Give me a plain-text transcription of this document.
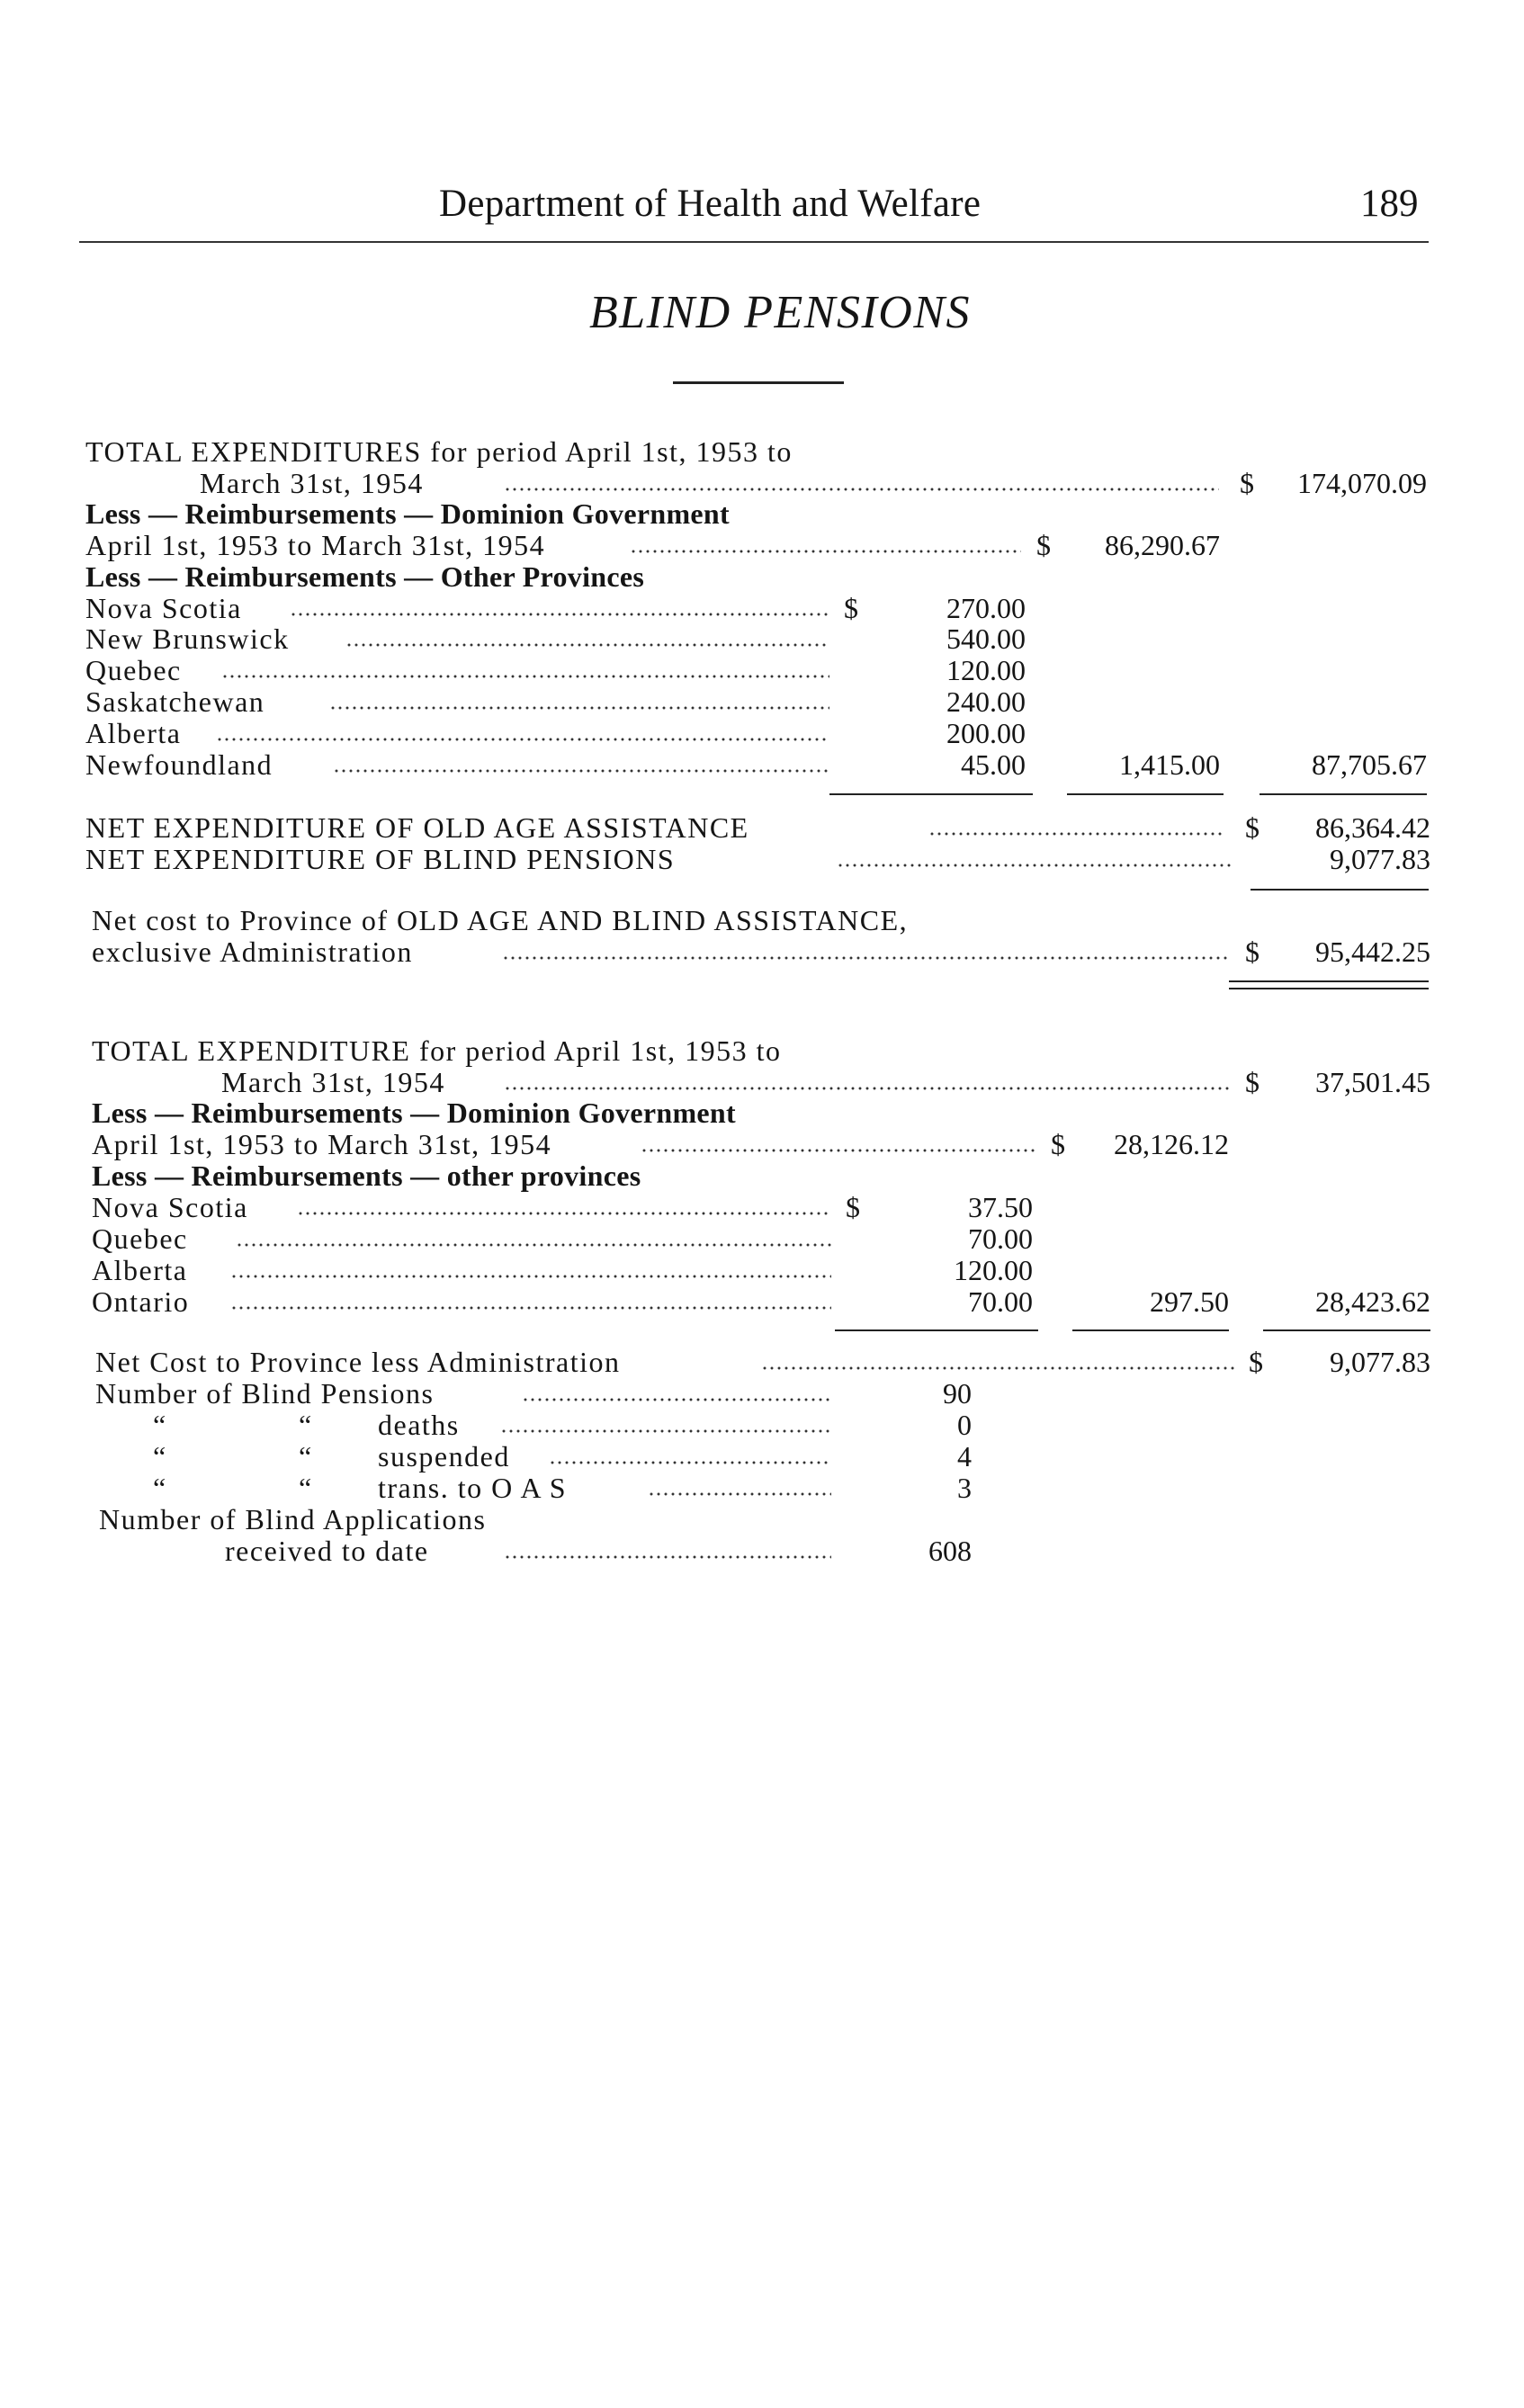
Department of Health and Welfare	189
BLIND PENSIONS
TOTAL EXPENDITURES for period April 1st, 1953 to
March 31st, 1954	$ 174,070.09
Less — Reimbursements — Dominion Government
April 1st, 1953 to March 31st, 1954	$ 86,290.67
Less — Reimbursements — Other Provinces
Nova Scotia	$	270.00
New Brunswick	540.00
Quebec	120.00
Saskatchewan	240.00
Alberta	200.00
Newfoundland	45.00	1,415.00	87,705.67
NET EXPENDITURE OF OLD AGE ASSISTANCE	$ 86,364.42
NET EXPENDITURE OF BLIND PENSIONS	9,077.83
Net cost to Province of OLD AGE AND BLIND ASSISTANCE,
exclusive Administration	$ 95,442.25
TOTAL EXPENDITURE for period April 1st, 1953 to
March 31st, 1954	$ 37,501.45
Less — Reimbursements — Dominion Government
April 1st, 1953 to March 31st, 1954	$ 28,126.12
Less — Reimbursements — other provinces
Nova Scotia	$	37.50
Quebec	70.00
Alberta	120.00
Ontario	70.00	297.50	28,423.62
Net Cost to Province less Administration	$ 9,077.83
Number of Blind Pensions	90
“	“ deaths	0
“	“ suspended	4
“	“ trans. to O A S	3
Number of Blind Applications
received to date	608
